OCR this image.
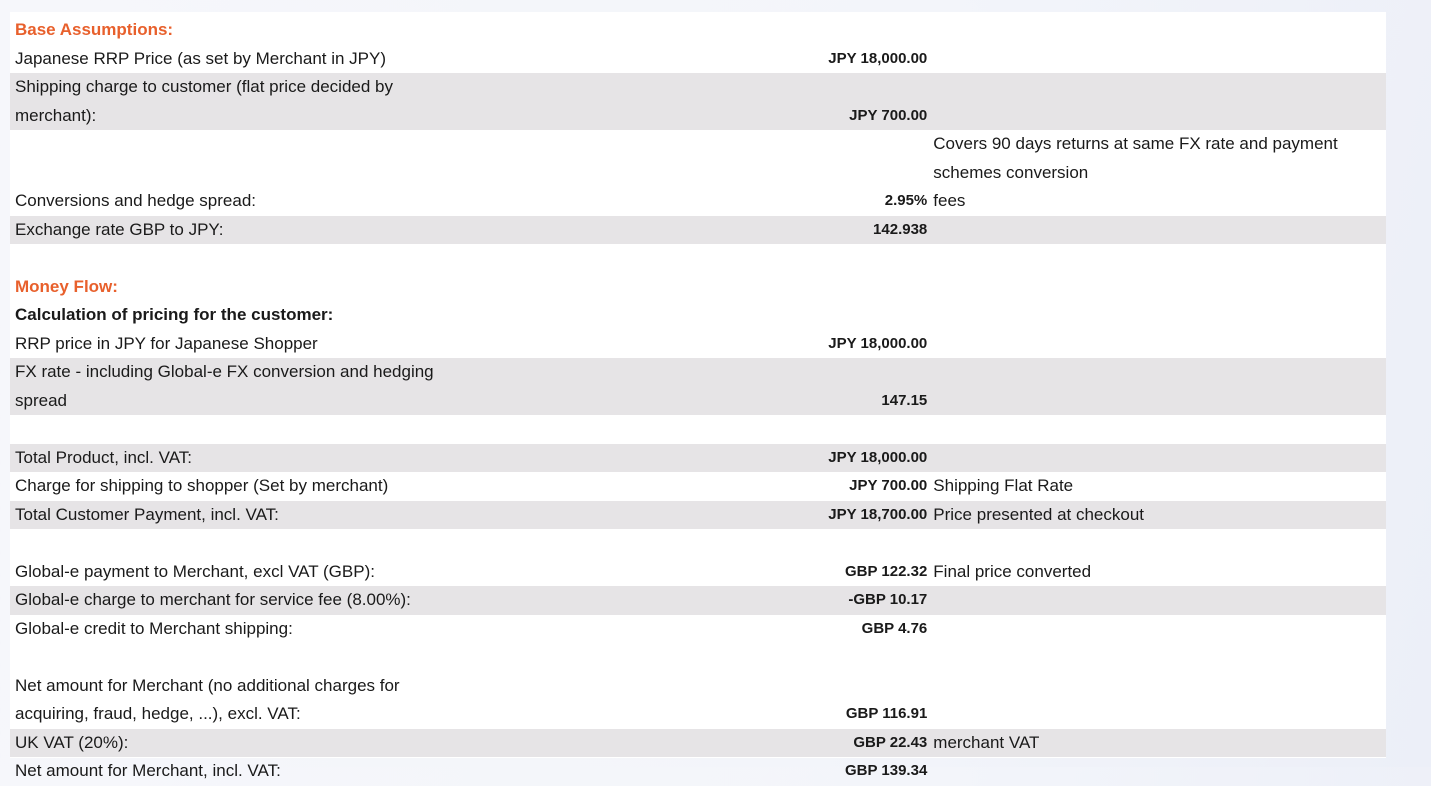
Base Assumptions:		
Japanese RRP Price (as set by Merchant in JPY)	JPY 18,000.00	
Shipping charge to customer (flat price decided by
merchant):	JPY 700.00	
Conversions and hedge spread:	2.95%	Covers 90 days returns at same FX rate and payment schemes conversion
fees
Exchange rate GBP to JPY:	142.938	

Money Flow:		
Calculation of pricing for the customer:		
RRP price in JPY for Japanese Shopper	JPY 18,000.00	
FX rate - including Global-e FX conversion and hedging
spread	147.15	

Total Product, incl. VAT:	JPY 18,000.00	
Charge for shipping to shopper (Set by merchant)	JPY 700.00	Shipping Flat Rate
Total Customer Payment, incl. VAT:	JPY 18,700.00	Price presented at checkout

Global-e payment to Merchant, excl VAT (GBP):	GBP 122.32	Final price converted
Global-e charge to merchant for service fee (8.00%):	-GBP 10.17	
Global-e credit to Merchant shipping:	GBP 4.76	

Net amount for Merchant (no additional charges for
acquiring, fraud, hedge, ...), excl. VAT:	GBP 116.91	
UK VAT (20%):	GBP 22.43	merchant VAT
Net amount for Merchant, incl. VAT:	GBP 139.34	
